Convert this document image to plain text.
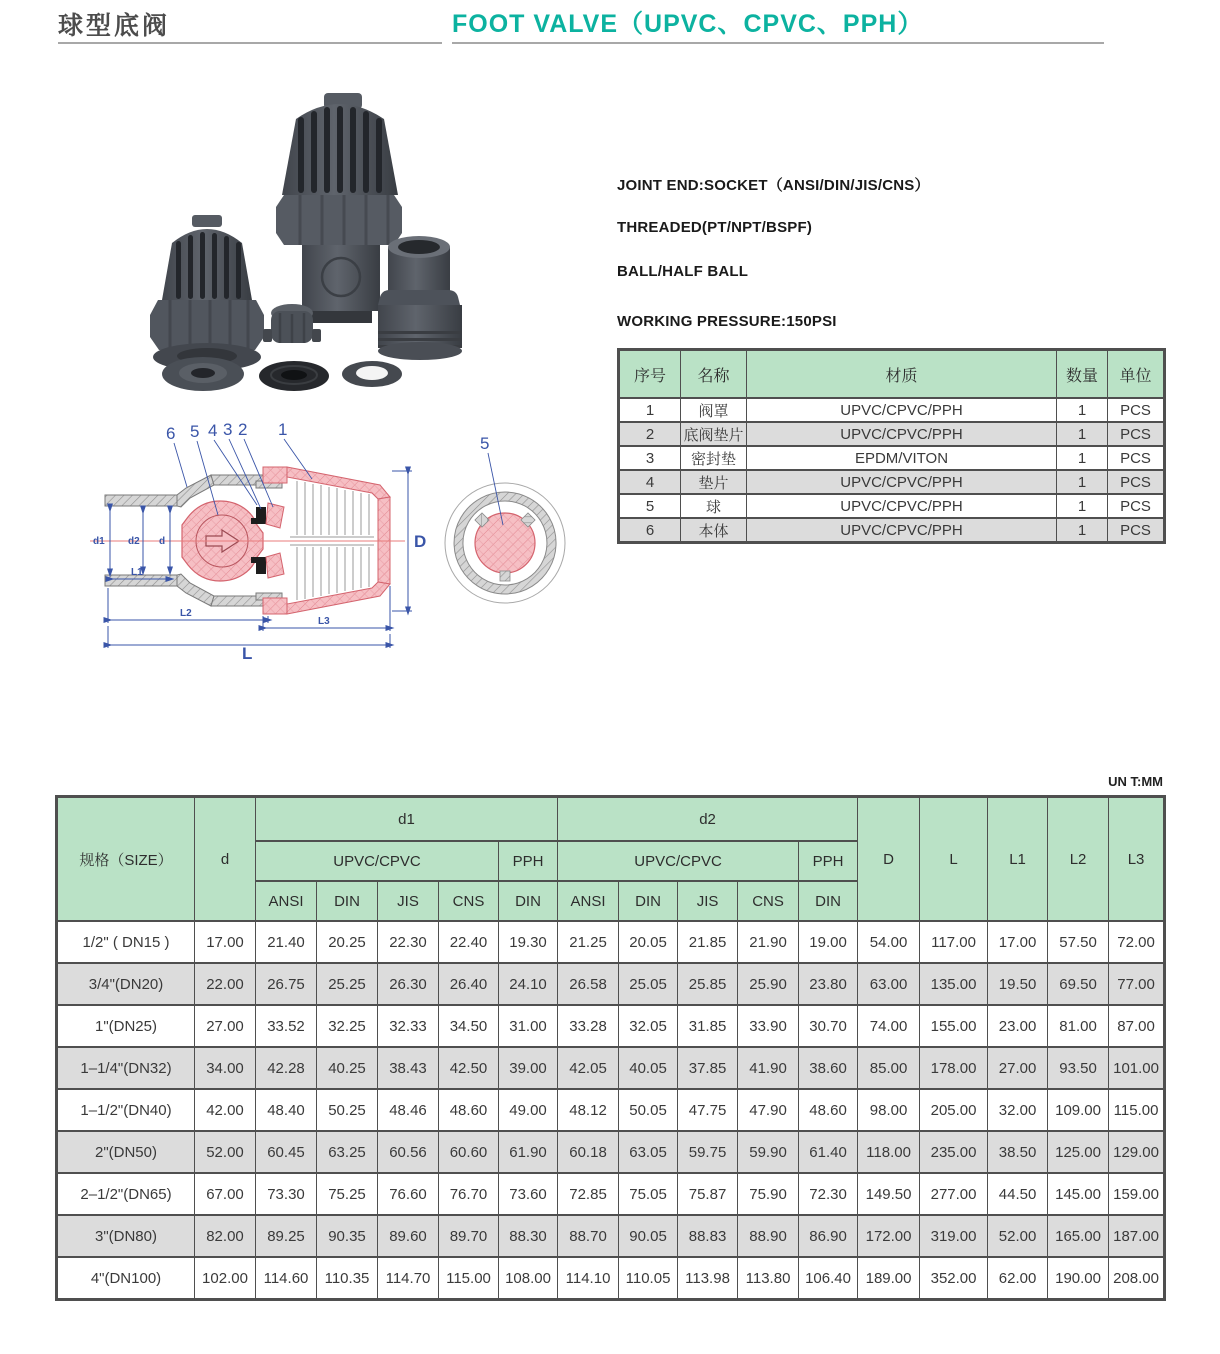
球型底阀	FOOT VALVE（UPVC、CPVC、PPH）
JOINT END:SOCKET（ANSI/DIN/JIS/CNS）
THREADED(PT/NPT/BSPF)
BALL/HALF BALL
WORKING PRESSURE:150PSI
序号	名称	材质	数量	单位
1	阀罩	UPVC/CPVC/PPH	1	PCS
2	底阀垫片	UPVC/CPVC/PPH	1	PCS
3	密封垫	EPDM/VITON	1	PCS
4	垫片	UPVC/CPVC/PPH	1	PCS
5	球	UPVC/CPVC/PPH	1	PCS
6	本体	UPVC/CPVC/PPH	1	PCS
d1 d2 d
L1
L2
L3
L
D
6 5 4 3 2 1
5
UN T:MM
规格（SIZE）	d	d1					d2					D	L	L1	L2	L3
		UPVC/CPVC				PPH	UPVC/CPVC				PPH					
		ANSI	DIN	JIS	CNS	DIN	ANSI	DIN	JIS	CNS	DIN					
1/2" ( DN15 )	17.00	21.40	20.25	22.30	22.40	19.30	21.25	20.05	21.85	21.90	19.00	54.00	117.00	17.00	57.50	72.00
3/4"(DN20)	22.00	26.75	25.25	26.30	26.40	24.10	26.58	25.05	25.85	25.90	23.80	63.00	135.00	19.50	69.50	77.00
1"(DN25)	27.00	33.52	32.25	32.33	34.50	31.00	33.28	32.05	31.85	33.90	30.70	74.00	155.00	23.00	81.00	87.00
1–1/4"(DN32)	34.00	42.28	40.25	38.43	42.50	39.00	42.05	40.05	37.85	41.90	38.60	85.00	178.00	27.00	93.50	101.00
1–1/2"(DN40)	42.00	48.40	50.25	48.46	48.60	49.00	48.12	50.05	47.75	47.90	48.60	98.00	205.00	32.00	109.00	115.00
2"(DN50)	52.00	60.45	63.25	60.56	60.60	61.90	60.18	63.05	59.75	59.90	61.40	118.00	235.00	38.50	125.00	129.00
2–1/2"(DN65)	67.00	73.30	75.25	76.60	76.70	73.60	72.85	75.05	75.87	75.90	72.30	149.50	277.00	44.50	145.00	159.00
3"(DN80)	82.00	89.25	90.35	89.60	89.70	88.30	88.70	90.05	88.83	88.90	86.90	172.00	319.00	52.00	165.00	187.00
4"(DN100)	102.00	114.60	110.35	114.70	115.00	108.00	114.10	110.05	113.98	113.80	106.40	189.00	352.00	62.00	190.00	208.00
